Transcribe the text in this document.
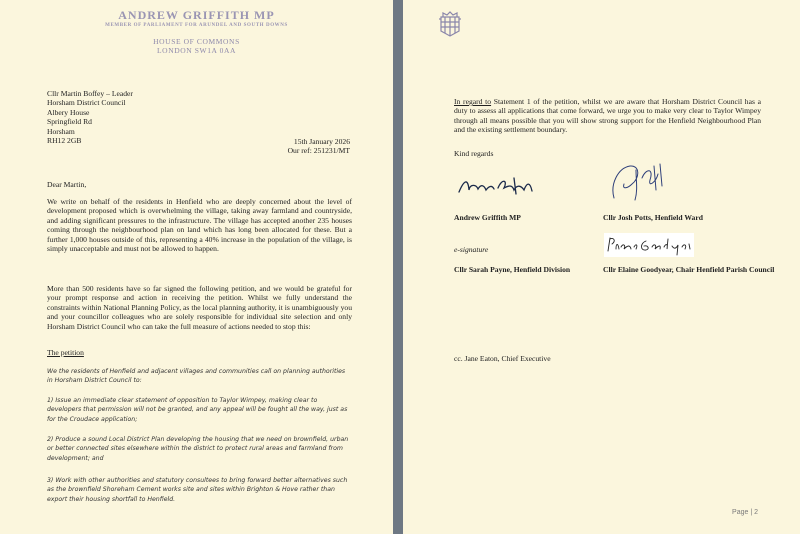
ANDREW GRIFFITH MP
MEMBER OF PARLIAMENT FOR ARUNDEL AND SOUTH DOWNS
HOUSE OF COMMONS
LONDON SW1A 0AA
Cllr Martin Boffey – Leader
Horsham District Council
Albery House
Springfield Rd
Horsham
RH12 2GB	15th January 2026
Our ref: 251231/MT
Dear Martin,
We write on behalf of the residents in Henfield who are deeply concerned about the level of development proposed which is overwhelming the village, taking away farmland and countryside, and adding significant pressures to the infrastructure. The village has accepted another 235 houses coming through the neighbourhood plan on land which has long been allocated for these. But a further 1,000 houses outside of this, representing a 40% increase in the population of the village, is simply unacceptable and must not be allowed to happen.
More than 500 residents have so far signed the following petition, and we would be grateful for your prompt response and action in receiving the petition. Whilst we fully understand the constraints within National Planning Policy, as the local planning authority, it is unambiguously you and your councillor colleagues who are solely responsible for individual site selection and only Horsham District Council who can take the full measure of actions needed to stop this:
The petition
We the residents of Henfield and adjacent villages and communities call on planning authorities in Horsham District Council to:
1) Issue an immediate clear statement of opposition to Taylor Wimpey, making clear to developers that permission will not be granted, and any appeal will be fought all the way, just as for the Croudace application;
2) Produce a sound Local District Plan developing the housing that we need on brownfield, urban or better connected sites elsewhere within the district to protect rural areas and farmland from development; and
3) Work with other authorities and statutory consultees to bring forward better alternatives such as the brownfield Shoreham Cement works site and sites within Brighton & Hove rather than export their housing shortfall to Henfield.
In regard to Statement 1 of the petition, whilst we are aware that Horsham District Council has a duty to assess all applications that come forward, we urge you to make very clear to Taylor Wimpey through all means possible that you will show strong support for the Henfield Neighbourhood Plan and the existing settlement boundary.
Kind regards
Andrew Griffith MP	Cllr Josh Potts, Henfield Ward
e-signature
Cllr Sarah Payne, Henfield Division	Cllr Elaine Goodyear, Chair Henfield Parish Council
cc. Jane Eaton, Chief Executive
Page | 2
